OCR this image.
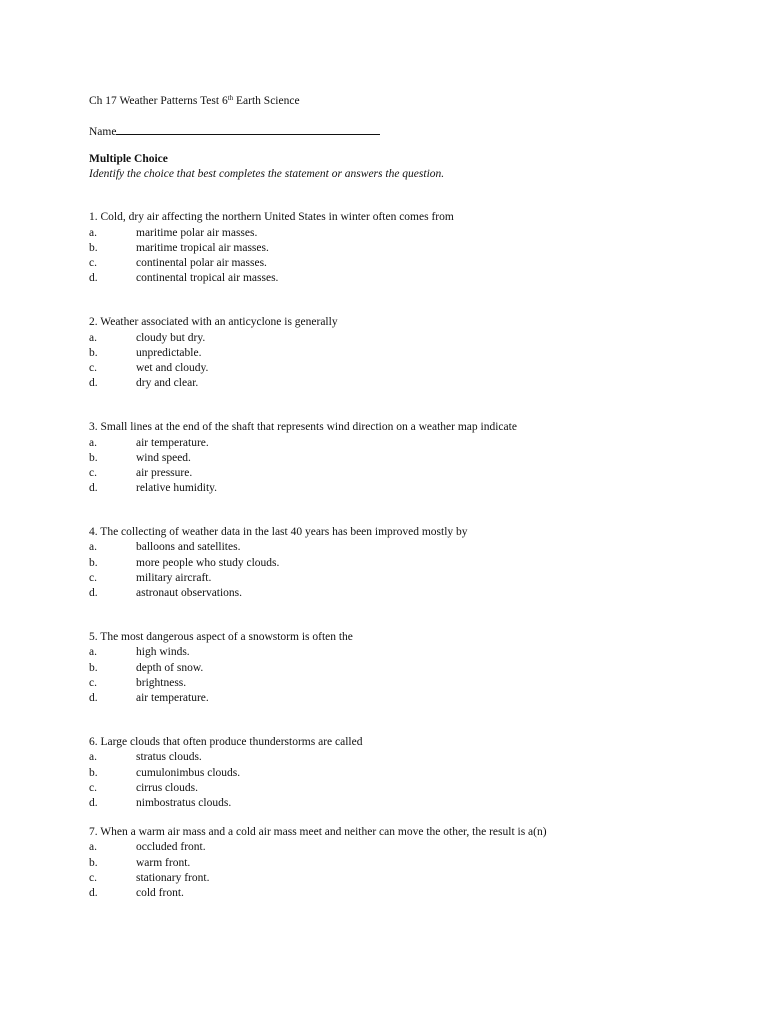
Ch 17 Weather Patterns Test 6th Earth Science
Name
Multiple Choice
Identify the choice that best completes the statement or answers the question.
1. Cold, dry air affecting the northern United States in winter often comes from
a.	maritime polar air masses.
b.	maritime tropical air masses.
c.	continental polar air masses.
d.	continental tropical air masses.
2. Weather associated with an anticyclone is generally
a.	cloudy but dry.
b.	unpredictable.
c.	wet and cloudy.
d.	dry and clear.
3. Small lines at the end of the shaft that represents wind direction on a weather map indicate
a.	air temperature.
b.	wind speed.
c.	air pressure.
d.	relative humidity.
4. The collecting of weather data in the last 40 years has been improved mostly by
a.	balloons and satellites.
b.	more people who study clouds.
c.	military aircraft.
d.	astronaut observations.
5. The most dangerous aspect of a snowstorm is often the
a.	high winds.
b.	depth of snow.
c.	brightness.
d.	air temperature.
6. Large clouds that often produce thunderstorms are called
a.	stratus clouds.
b.	cumulonimbus clouds.
c.	cirrus clouds.
d.	nimbostratus clouds.
7. When a warm air mass and a cold air mass meet and neither can move the other, the result is a(n)
a.	occluded front.
b.	warm front.
c.	stationary front.
d.	cold front.
